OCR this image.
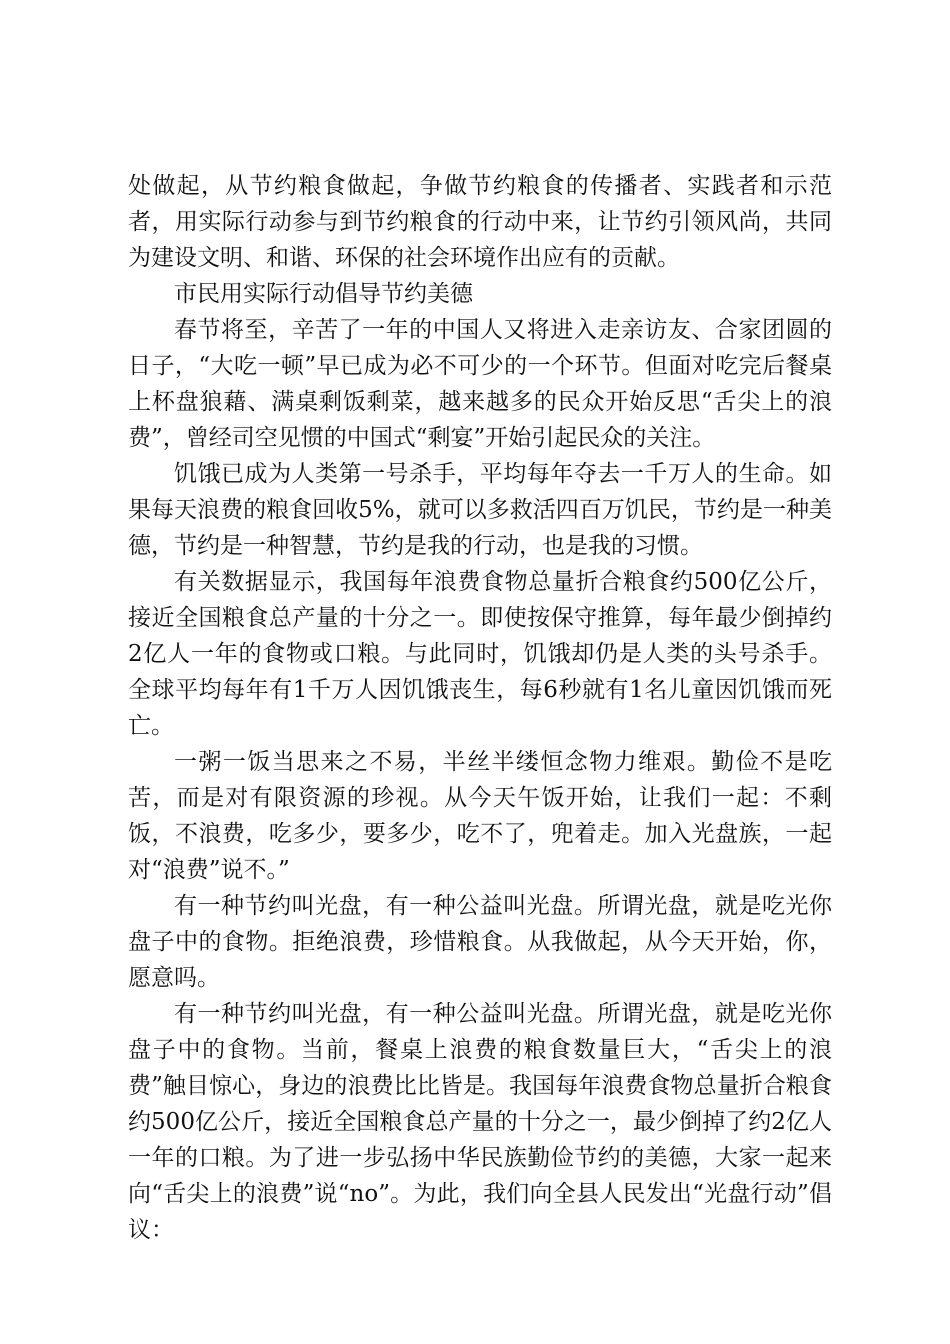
处做起，从节约粮食做起，争做节约粮食的传播者、实践者和示范者，用实际行动参与到节约粮食的行动中来，让节约引领风尚，共同为建设文明、和谐、环保的社会环境作出应有的贡献。

市民用实际行动倡导节约美德

春节将至，辛苦了一年的中国人又将进入走亲访友、合家团圆的日子，“大吃一顿”早已成为必不可少的一个环节。但面对吃完后餐桌上杯盘狼藉、满桌剩饭剩菜，越来越多的民众开始反思“舌尖上的浪费”，曾经司空见惯的中国式“剩宴”开始引起民众的关注。

饥饿已成为人类第一号杀手，平均每年夺去一千万人的生命。如果每天浪费的粮食回收5%，就可以多救活四百万饥民，节约是一种美德，节约是一种智慧，节约是我的行动，也是我的习惯。

有关数据显示，我国每年浪费食物总量折合粮食约500亿公斤，接近全国粮食总产量的十分之一。即使按保守推算，每年最少倒掉约2亿人一年的食物或口粮。与此同时，饥饿却仍是人类的头号杀手。全球平均每年有1千万人因饥饿丧生，每6秒就有1名儿童因饥饿而死亡。

一粥一饭当思来之不易，半丝半缕恒念物力维艰。勤俭不是吃苦，而是对有限资源的珍视。从今天午饭开始，让我们一起：不剩饭，不浪费，吃多少，要多少，吃不了，兜着走。加入光盘族，一起对“浪费”说不。”

有一种节约叫光盘，有一种公益叫光盘。所谓光盘，就是吃光你盘子中的食物。拒绝浪费，珍惜粮食。从我做起，从今天开始，你，愿意吗。

有一种节约叫光盘，有一种公益叫光盘。所谓光盘，就是吃光你盘子中的食物。当前，餐桌上浪费的粮食数量巨大，“舌尖上的浪费”触目惊心，身边的浪费比比皆是。我国每年浪费食物总量折合粮食约500亿公斤，接近全国粮食总产量的十分之一，最少倒掉了约2亿人一年的口粮。为了进一步弘扬中华民族勤俭节约的美德，大家一起来向“舌尖上的浪费”说“no”。为此，我们向全县人民发出“光盘行动”倡议：
